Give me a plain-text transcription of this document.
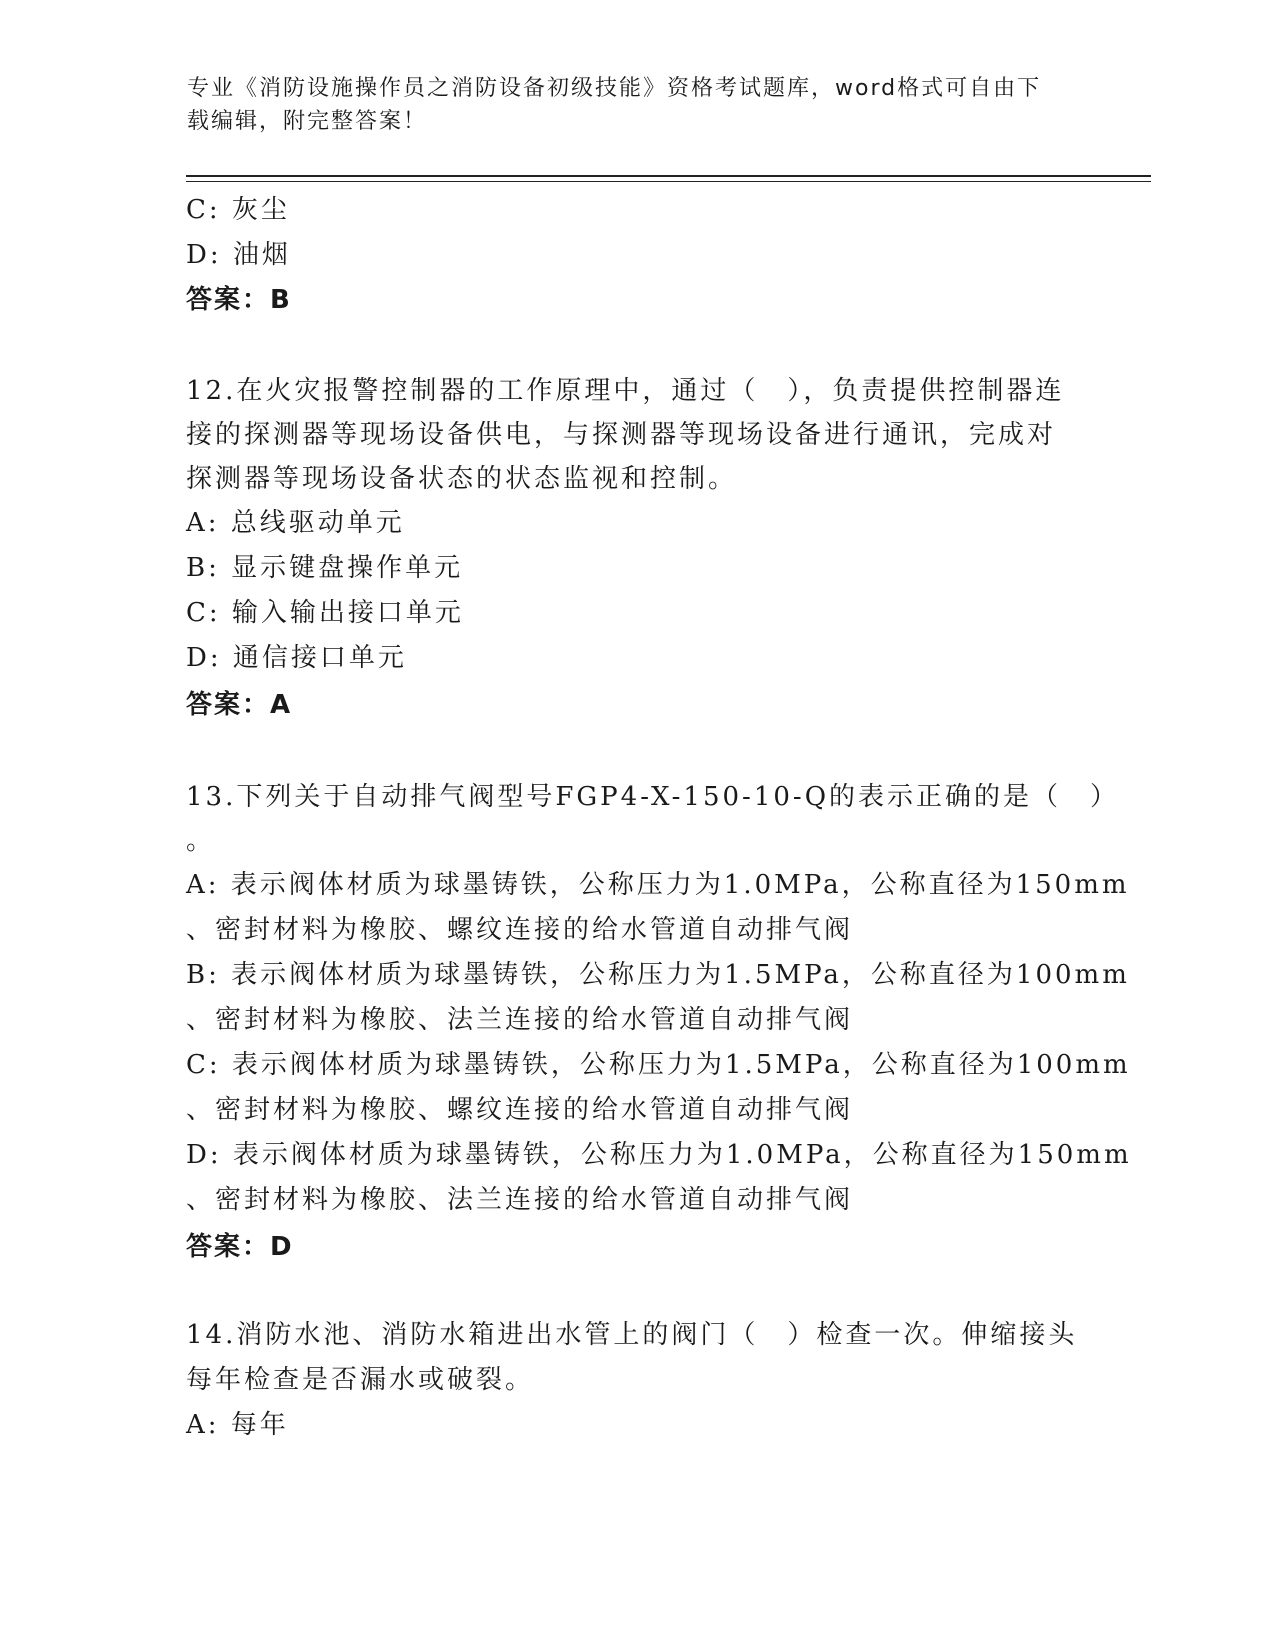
专业《消防设施操作员之消防设备初级技能》资格考试题库，word格式可自由下
载编辑，附完整答案！
C: 灰尘
D: 油烟
答案：B
12.在火灾报警控制器的工作原理中，通过（　），负责提供控制器连
接的探测器等现场设备供电，与探测器等现场设备进行通讯，完成对
探测器等现场设备状态的状态监视和控制。
A: 总线驱动单元
B: 显示键盘操作单元
C: 输入输出接口单元
D: 通信接口单元
答案：A
13.下列关于自动排气阀型号FGP4-X-150-10-Q的表示正确的是（　）
。
A: 表示阀体材质为球墨铸铁，公称压力为1.0MPa，公称直径为150mm
、密封材料为橡胶、螺纹连接的给水管道自动排气阀
B: 表示阀体材质为球墨铸铁，公称压力为1.5MPa，公称直径为100mm
、密封材料为橡胶、法兰连接的给水管道自动排气阀
C: 表示阀体材质为球墨铸铁，公称压力为1.5MPa，公称直径为100mm
、密封材料为橡胶、螺纹连接的给水管道自动排气阀
D: 表示阀体材质为球墨铸铁，公称压力为1.0MPa，公称直径为150mm
、密封材料为橡胶、法兰连接的给水管道自动排气阀
答案：D
14.消防水池、消防水箱进出水管上的阀门（　）检查一次。伸缩接头
每年检查是否漏水或破裂。
A: 每年
